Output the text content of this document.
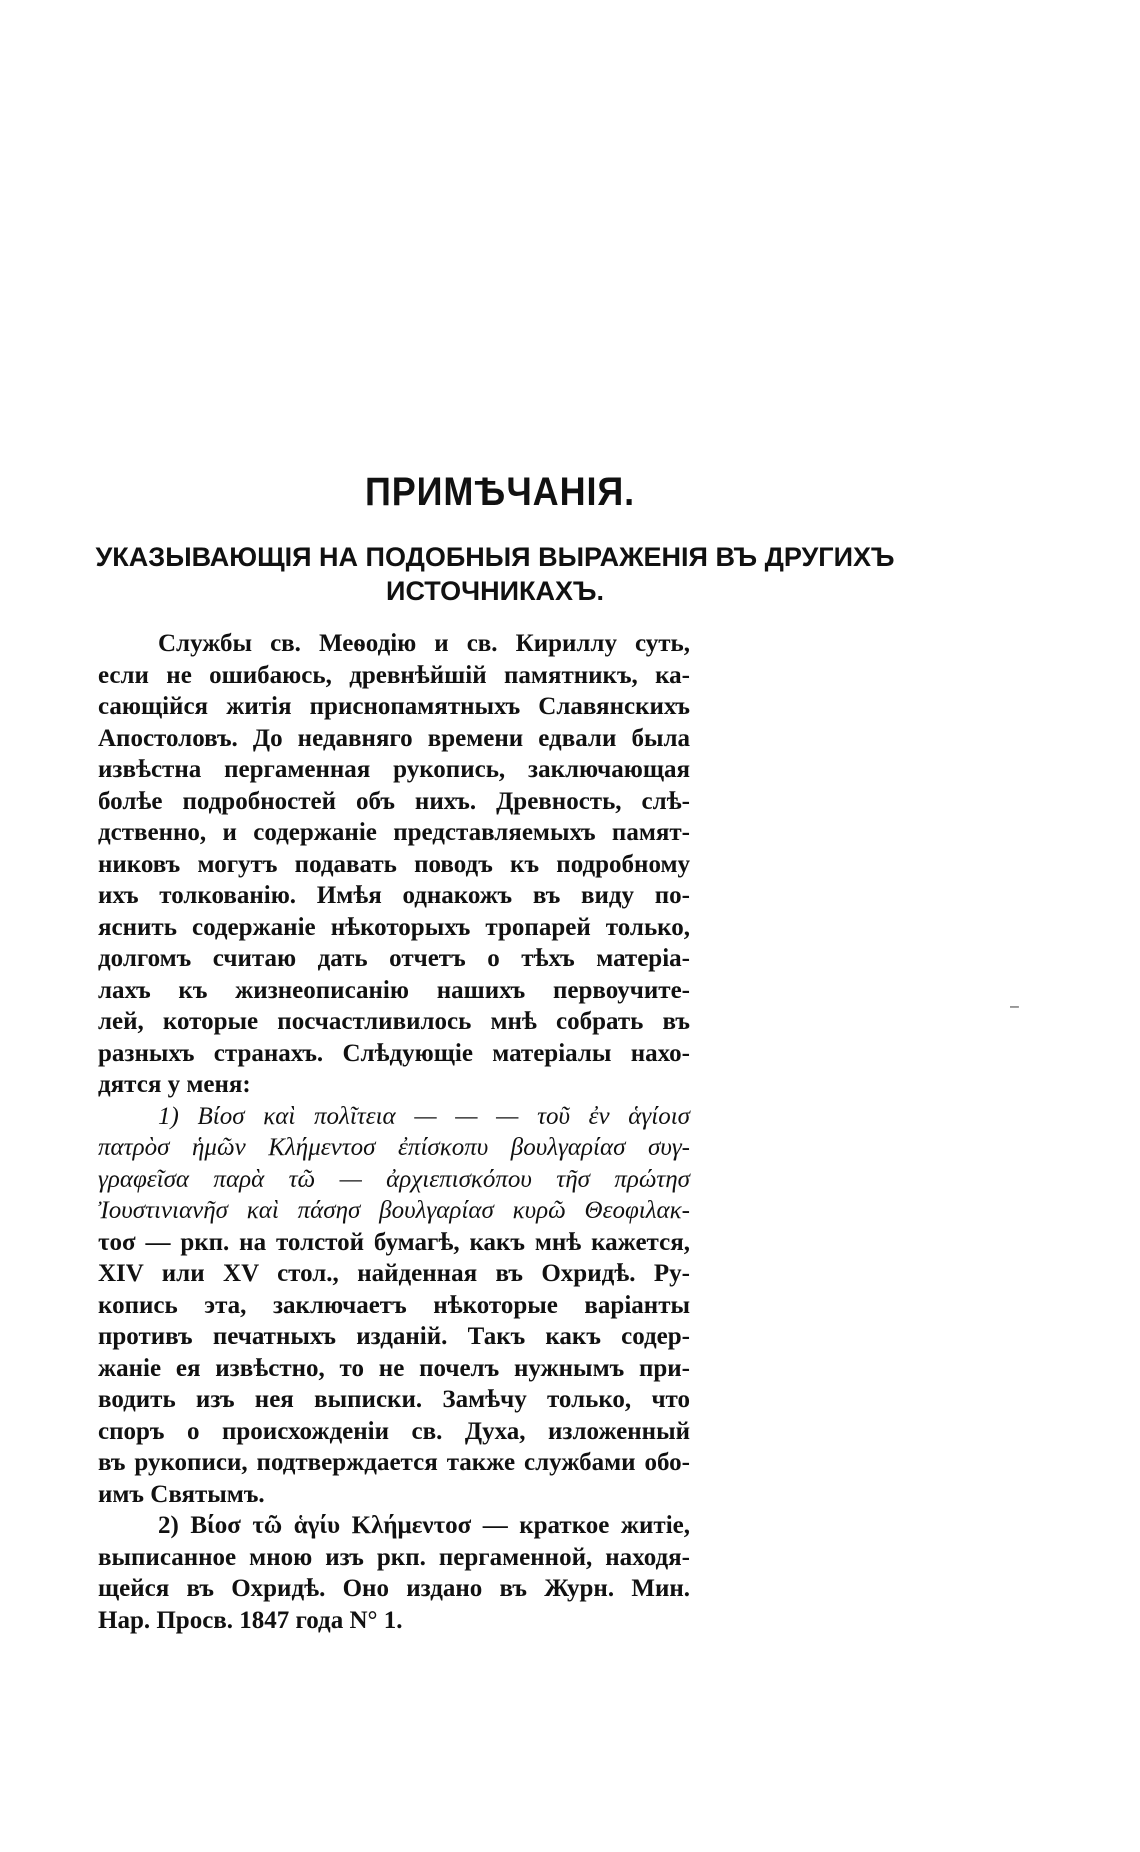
ПРИМѢЧАНІЯ.
УКАЗЫВАЮЩІЯ НА ПОДОБНЫЯ ВЫРАЖЕНІЯ ВЪ ДРУГИХЪ
ИСТОЧНИКАХЪ.
Службы св. Меѳодію и св. Кириллу суть,
если не ошибаюсь, древнѣйшій памятникъ, ка-
сающійся житія приснопамятныхъ Славянскихъ
Апостоловъ. До недавняго времени едвали была
извѣстна пергаменная рукопись, заключающая
болѣе подробностей объ нихъ. Древность, слѣ-
дственно, и содержаніе представляемыхъ памят-
никовъ могутъ подавать поводъ къ подробному
ихъ толкованію. Имѣя однакожъ въ виду по-
яснить содержаніе нѣкоторыхъ тропарей только,
долгомъ считаю дать отчетъ о тѣхъ матеріа-
лахъ къ жизнеописанію нашихъ первоучите-
лей, которые посчастливилось мнѣ собрать въ
разныхъ странахъ. Слѣдующіе матеріалы нахо-
дятся у меня:
1) Βίοσ καὶ πολῖτεια — — — τοῦ ἐν ἁγίοισ
πατρὸσ ἡμῶν Κλήμεντοσ ἐπίσκοπυ βουλγαρίασ συγ-
γραφεῖσα παρὰ τῶ — ἀρχιεπισκόπου τῆσ πρώτησ
Ἰουστινιανῆσ καὶ πάσησ βουλγαρίασ κυρῶ Θεοφιλακ-
τοσ — ркп. на толстой бумагѣ, какъ мнѣ кажется,
XIV или XV стол., найденная въ Охридѣ. Ру-
копись эта, заключаетъ нѣкоторые варіанты
противъ печатныхъ изданій. Такъ какъ содер-
жаніе ея извѣстно, то не почелъ нужнымъ при-
водить изъ нея выписки. Замѣчу только, что
споръ о происхожденіи св. Духа, изложенный
въ рукописи, подтверждается также службами обо-
имъ Святымъ.
2) Βίοσ τῶ ἁγίυ Κλήμεντοσ — краткое житіе,
выписанное мною изъ ркп. пергаменной, находя-
щейся въ Охридѣ. Оно издано въ Журн. Мин.
Нар. Просв. 1847 года N° 1.
–
